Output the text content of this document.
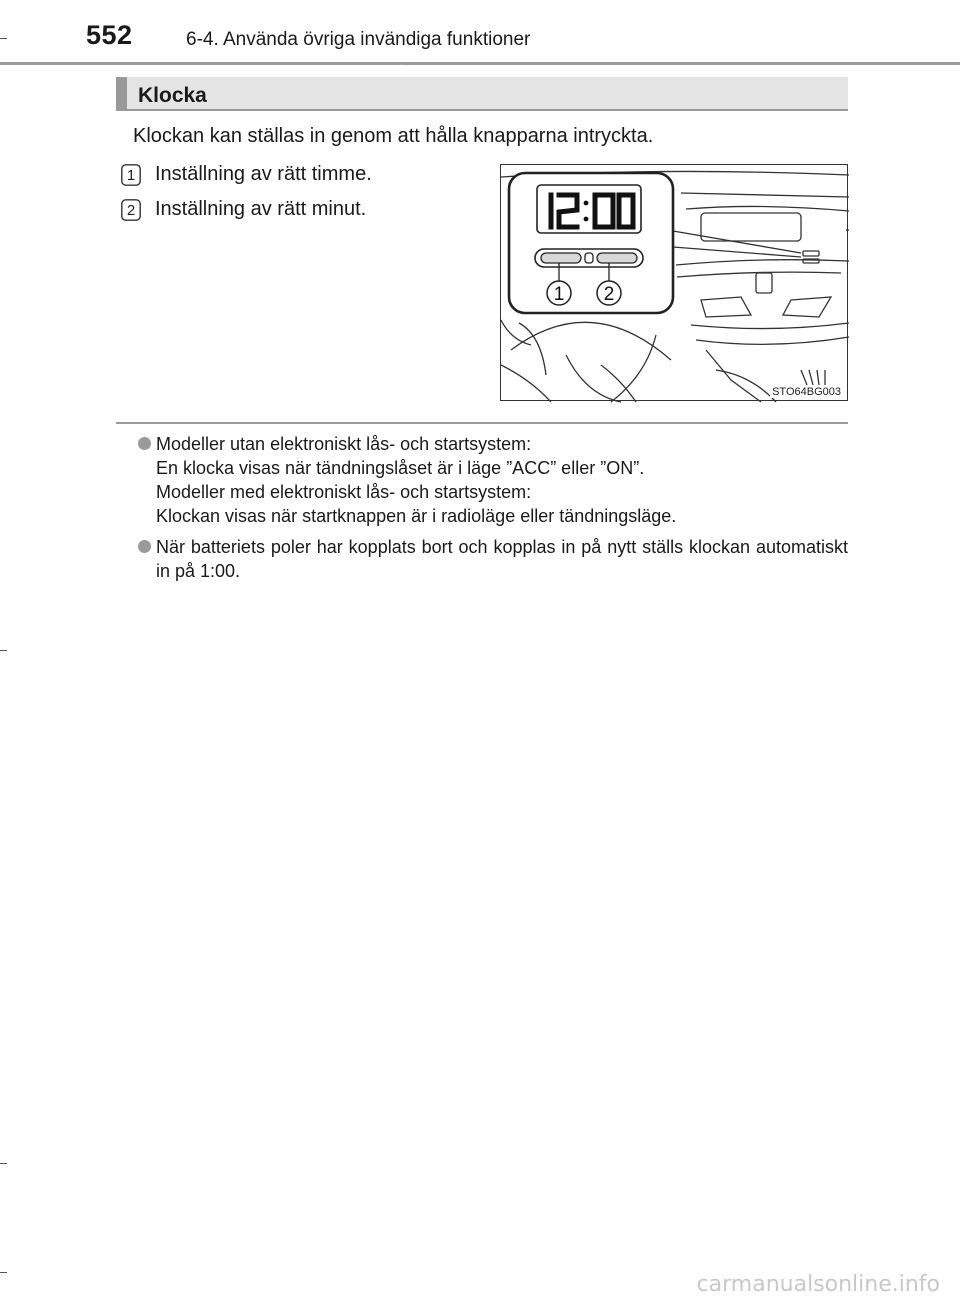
552	6-4. Använda övriga invändiga funktioner
Klocka
Klockan kan ställas in genom att hålla knapparna intryckta.
1 Inställning av rätt timme.
2 Inställning av rätt minut.
1 2
12:00
STO64BG003
Modeller utan elektroniskt lås- och startsystem:
En klocka visas när tändningslåset är i läge ”ACC” eller ”ON”.
Modeller med elektroniskt lås- och startsystem:
Klockan visas när startknappen är i radioläge eller tändningsläge.
När batteriets poler har kopplats bort och kopplas in på nytt ställs klockan automatiskt in på 1:00.
carmanualsonline.info
